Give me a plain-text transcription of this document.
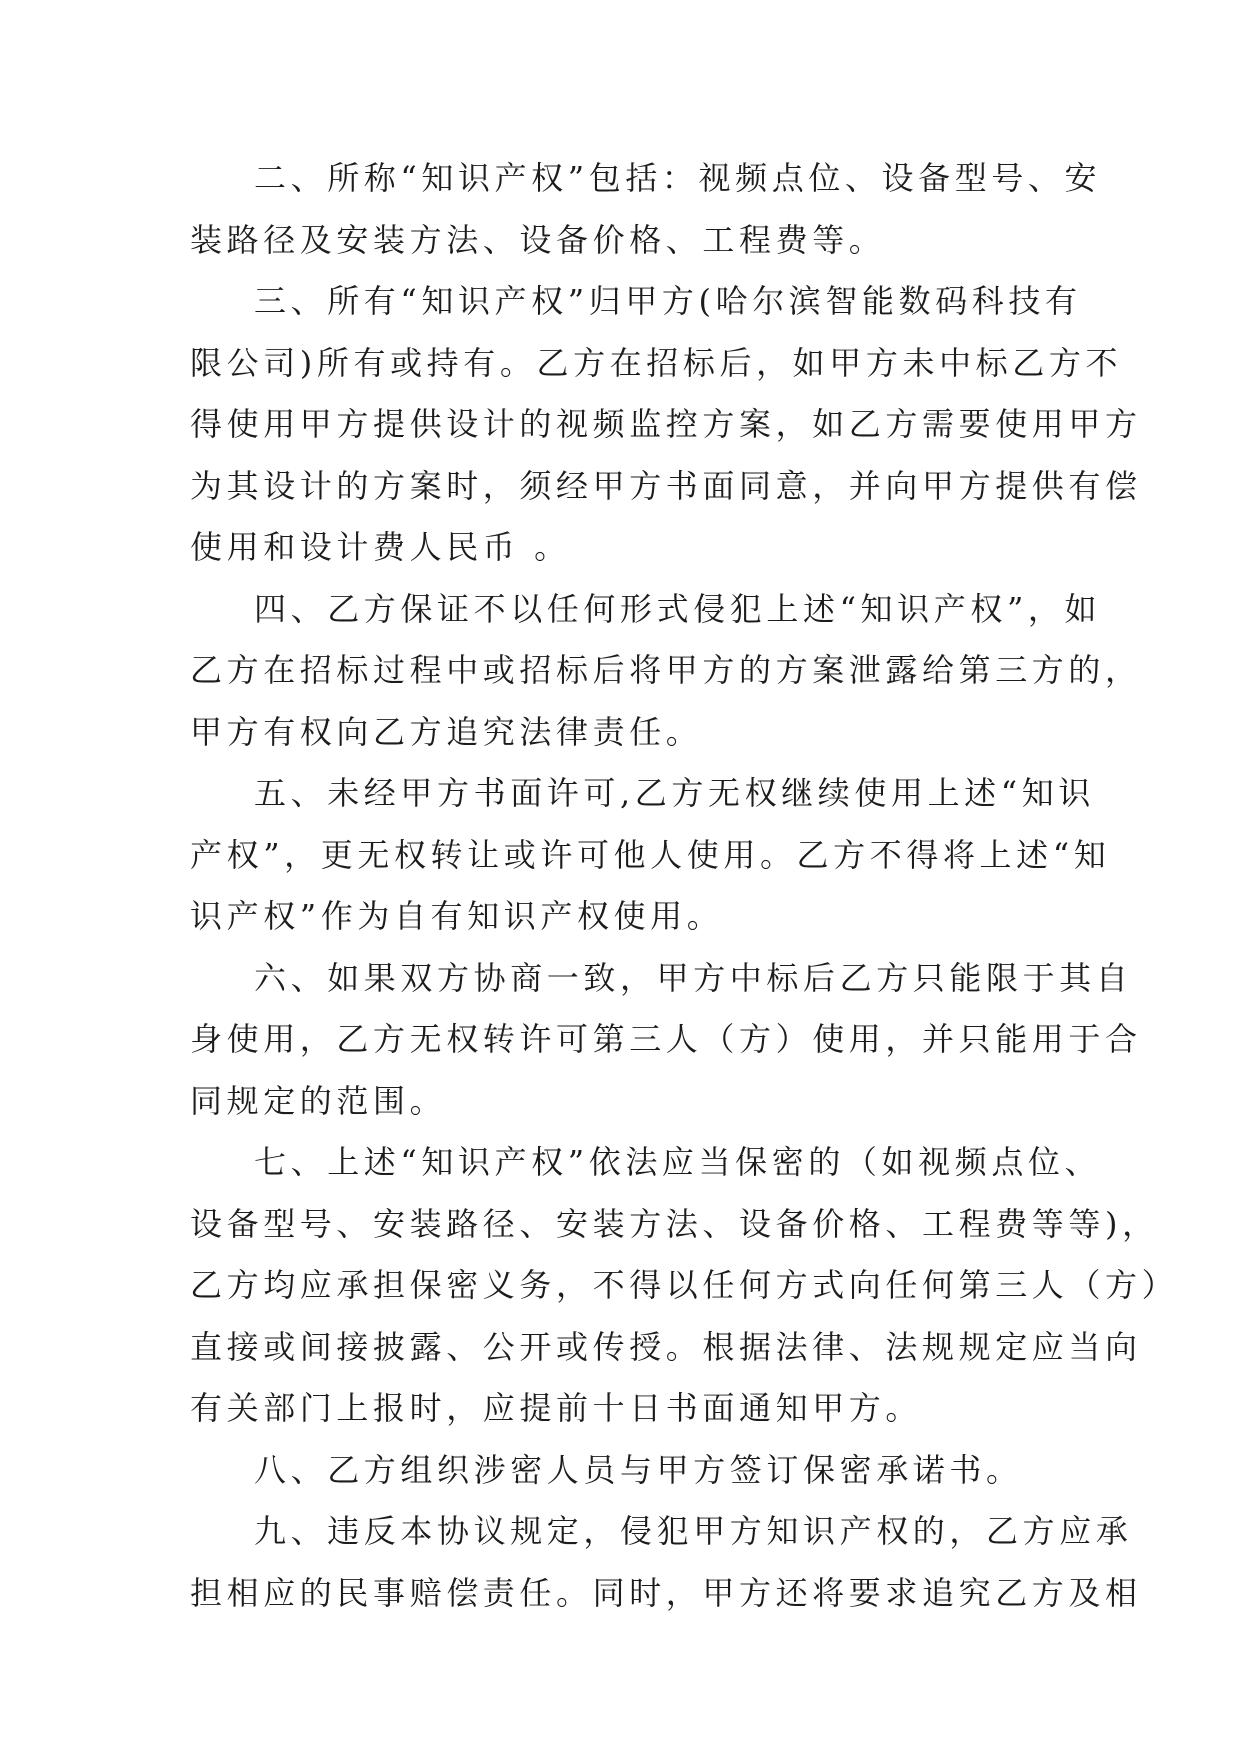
二、所称“知识产权”包括：视频点位、设备型号、安
装路径及安装方法、设备价格、工程费等。
三、所有“知识产权”归甲方(哈尔滨智能数码科技有
限公司)所有或持有。乙方在招标后，如甲方未中标乙方不
得使用甲方提供设计的视频监控方案，如乙方需要使用甲方
为其设计的方案时，须经甲方书面同意，并向甲方提供有偿
使用和设计费人民币 。
四、乙方保证不以任何形式侵犯上述“知识产权”，如
乙方在招标过程中或招标后将甲方的方案泄露给第三方的，
甲方有权向乙方追究法律责任。
五、未经甲方书面许可,乙方无权继续使用上述“知识
产权”，更无权转让或许可他人使用。乙方不得将上述“知
识产权”作为自有知识产权使用。
六、如果双方协商一致，甲方中标后乙方只能限于其自
身使用，乙方无权转许可第三人（方）使用，并只能用于合
同规定的范围。
七、上述“知识产权”依法应当保密的（如视频点位、
设备型号、安装路径、安装方法、设备价格、工程费等等)，
乙方均应承担保密义务，不得以任何方式向任何第三人（方）
直接或间接披露、公开或传授。根据法律、法规规定应当向
有关部门上报时，应提前十日书面通知甲方。
八、乙方组织涉密人员与甲方签订保密承诺书。
九、违反本协议规定，侵犯甲方知识产权的，乙方应承
担相应的民事赔偿责任。同时，甲方还将要求追究乙方及相
